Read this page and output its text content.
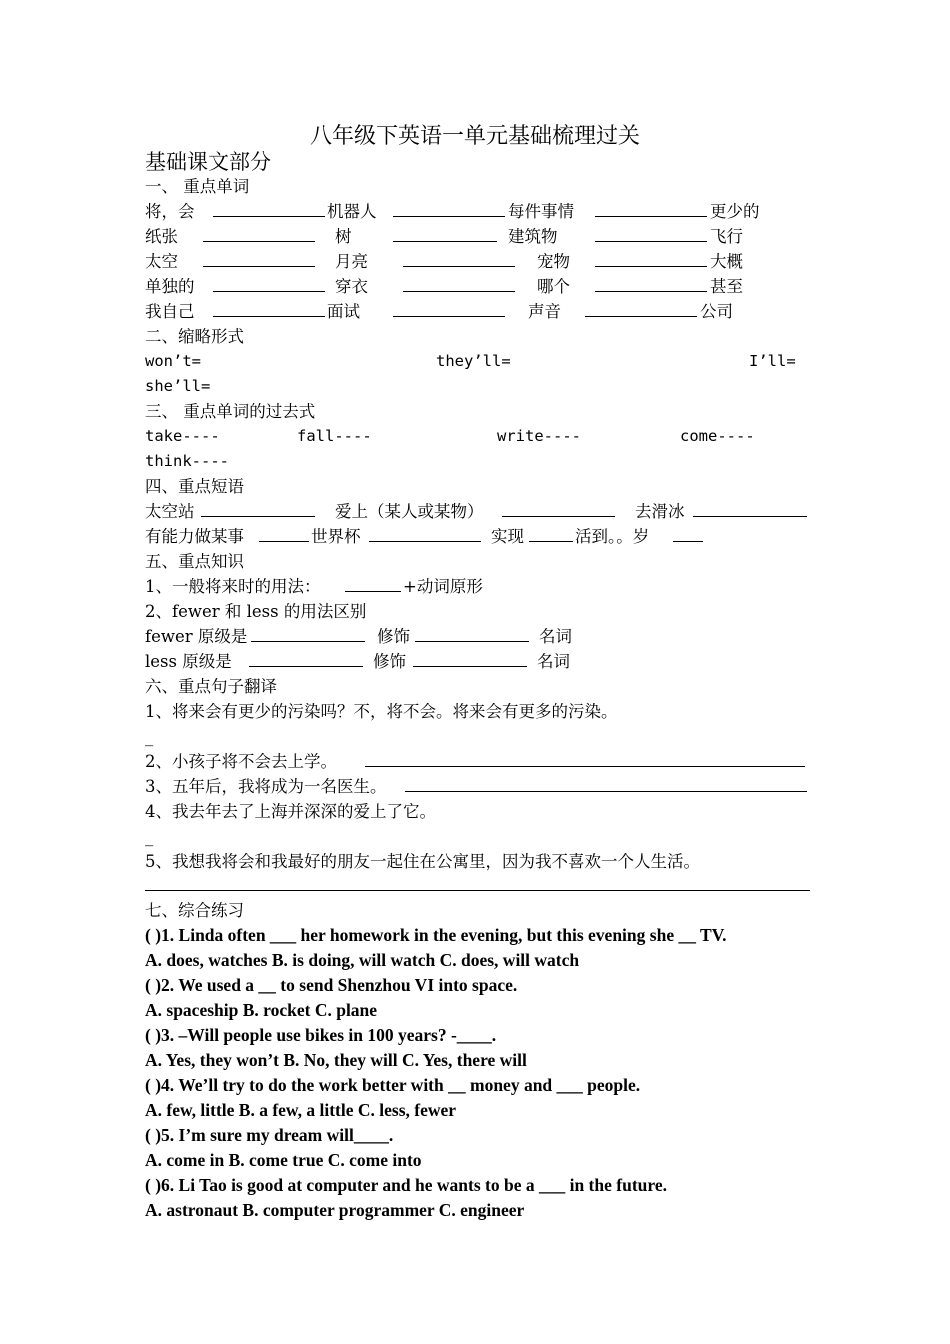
八年级下英语一单元基础梳理过关
基础课文部分
一、 重点单词
将，会	机器人	每件事情	更少的
纸张	树	建筑物	飞行
太空	月亮	宠物	大概
单独的	穿衣	哪个	甚至
我自己	面试	声音	公司
二、缩略形式
won’t=	they’ll=	I’ll=
she’ll=
三、 重点单词的过去式
take----	fall----	write----	come----
think----
四、重点短语
太空站	爱上（某人或某物）	去滑冰
有能力做某事	世界杯	实现	活到。。岁
五、重点知识
1、一般将来时的用法：	+动词原形
2、fewer 和 less 的用法区别
fewer 原级是	修饰	名词
less 原级是	修饰	名词
六、重点句子翻译
1、将来会有更少的污染吗？不，将不会。将来会有更多的污染。
_
2、小孩子将不会去上学。
3、五年后，我将成为一名医生。
4、我去年去了上海并深深的爱上了它。
_
5、我想我将会和我最好的朋友一起住在公寓里，因为我不喜欢一个人生活。
七、综合练习
( )1. Linda often ___ her homework in the evening, but this evening she __ TV.
A. does, watches B. is doing, will watch C. does, will watch
( )2. We used a __ to send Shenzhou VI into space.
A. spaceship B. rocket C. plane
( )3. –Will people use bikes in 100 years? -____.
A. Yes, they won’t B. No, they will C. Yes, there will
( )4. We’ll try to do the work better with __ money and ___ people.
A. few, little B. a few, a little C. less, fewer
( )5. I’m sure my dream will____.
A. come in B. come true C. come into
( )6. Li Tao is good at computer and he wants to be a ___ in the future.
A. astronaut B. computer programmer C. engineer
